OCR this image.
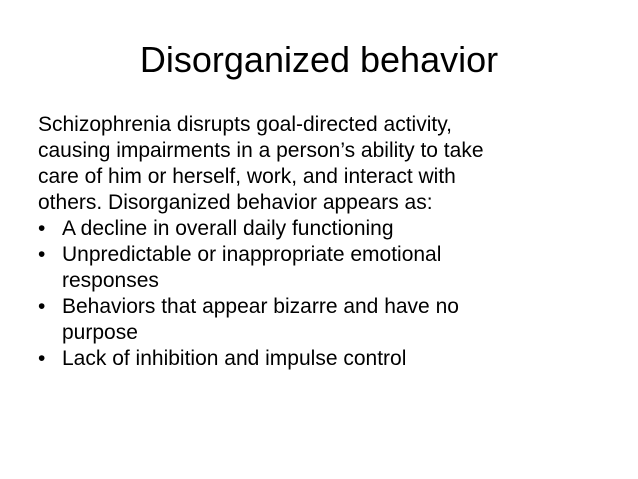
Disorganized behavior

Schizophrenia disrupts goal-directed activity,
causing impairments in a person’s ability to take
care of him or herself, work, and interact with
others. Disorganized behavior appears as:

• A decline in overall daily functioning
• Unpredictable or inappropriate emotional
responses
• Behaviors that appear bizarre and have no
purpose
• Lack of inhibition and impulse control
